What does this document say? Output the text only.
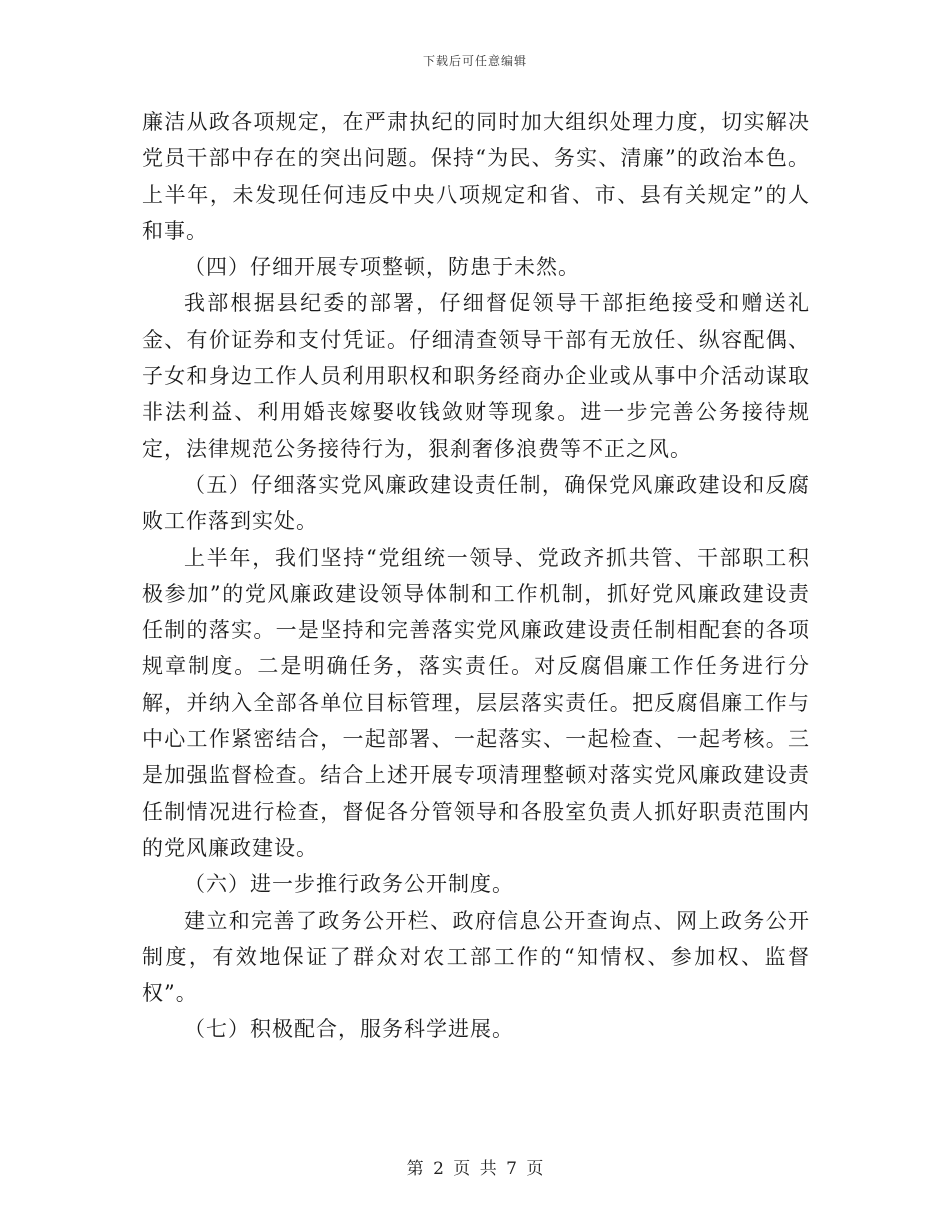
下载后可任意编辑

廉洁从政各项规定，在严肃执纪的同时加大组织处理力度，切实解决党员干部中存在的突出问题。保持“为民、务实、清廉”的政治本色。上半年，未发现任何违反中央八项规定和省、市、县有关规定”的人和事。

（四）仔细开展专项整顿，防患于未然。

我部根据县纪委的部署，仔细督促领导干部拒绝接受和赠送礼金、有价证券和支付凭证。仔细清查领导干部有无放任、纵容配偶、子女和身边工作人员利用职权和职务经商办企业或从事中介活动谋取非法利益、利用婚丧嫁娶收钱敛财等现象。进一步完善公务接待规定，法律规范公务接待行为，狠刹奢侈浪费等不正之风。

（五）仔细落实党风廉政建设责任制，确保党风廉政建设和反腐败工作落到实处。

上半年，我们坚持“党组统一领导、党政齐抓共管、干部职工积极参加”的党风廉政建设领导体制和工作机制，抓好党风廉政建设责任制的落实。一是坚持和完善落实党风廉政建设责任制相配套的各项规章制度。二是明确任务，落实责任。对反腐倡廉工作任务进行分解，并纳入全部各单位目标管理，层层落实责任。把反腐倡廉工作与中心工作紧密结合，一起部署、一起落实、一起检查、一起考核。三是加强监督检查。结合上述开展专项清理整顿对落实党风廉政建设责任制情况进行检查，督促各分管领导和各股室负责人抓好职责范围内的党风廉政建设。

（六）进一步推行政务公开制度。

建立和完善了政务公开栏、政府信息公开查询点、网上政务公开制度，有效地保证了群众对农工部工作的“知情权、参加权、监督权”。

（七）积极配合，服务科学进展。

第 2 页 共 7 页
